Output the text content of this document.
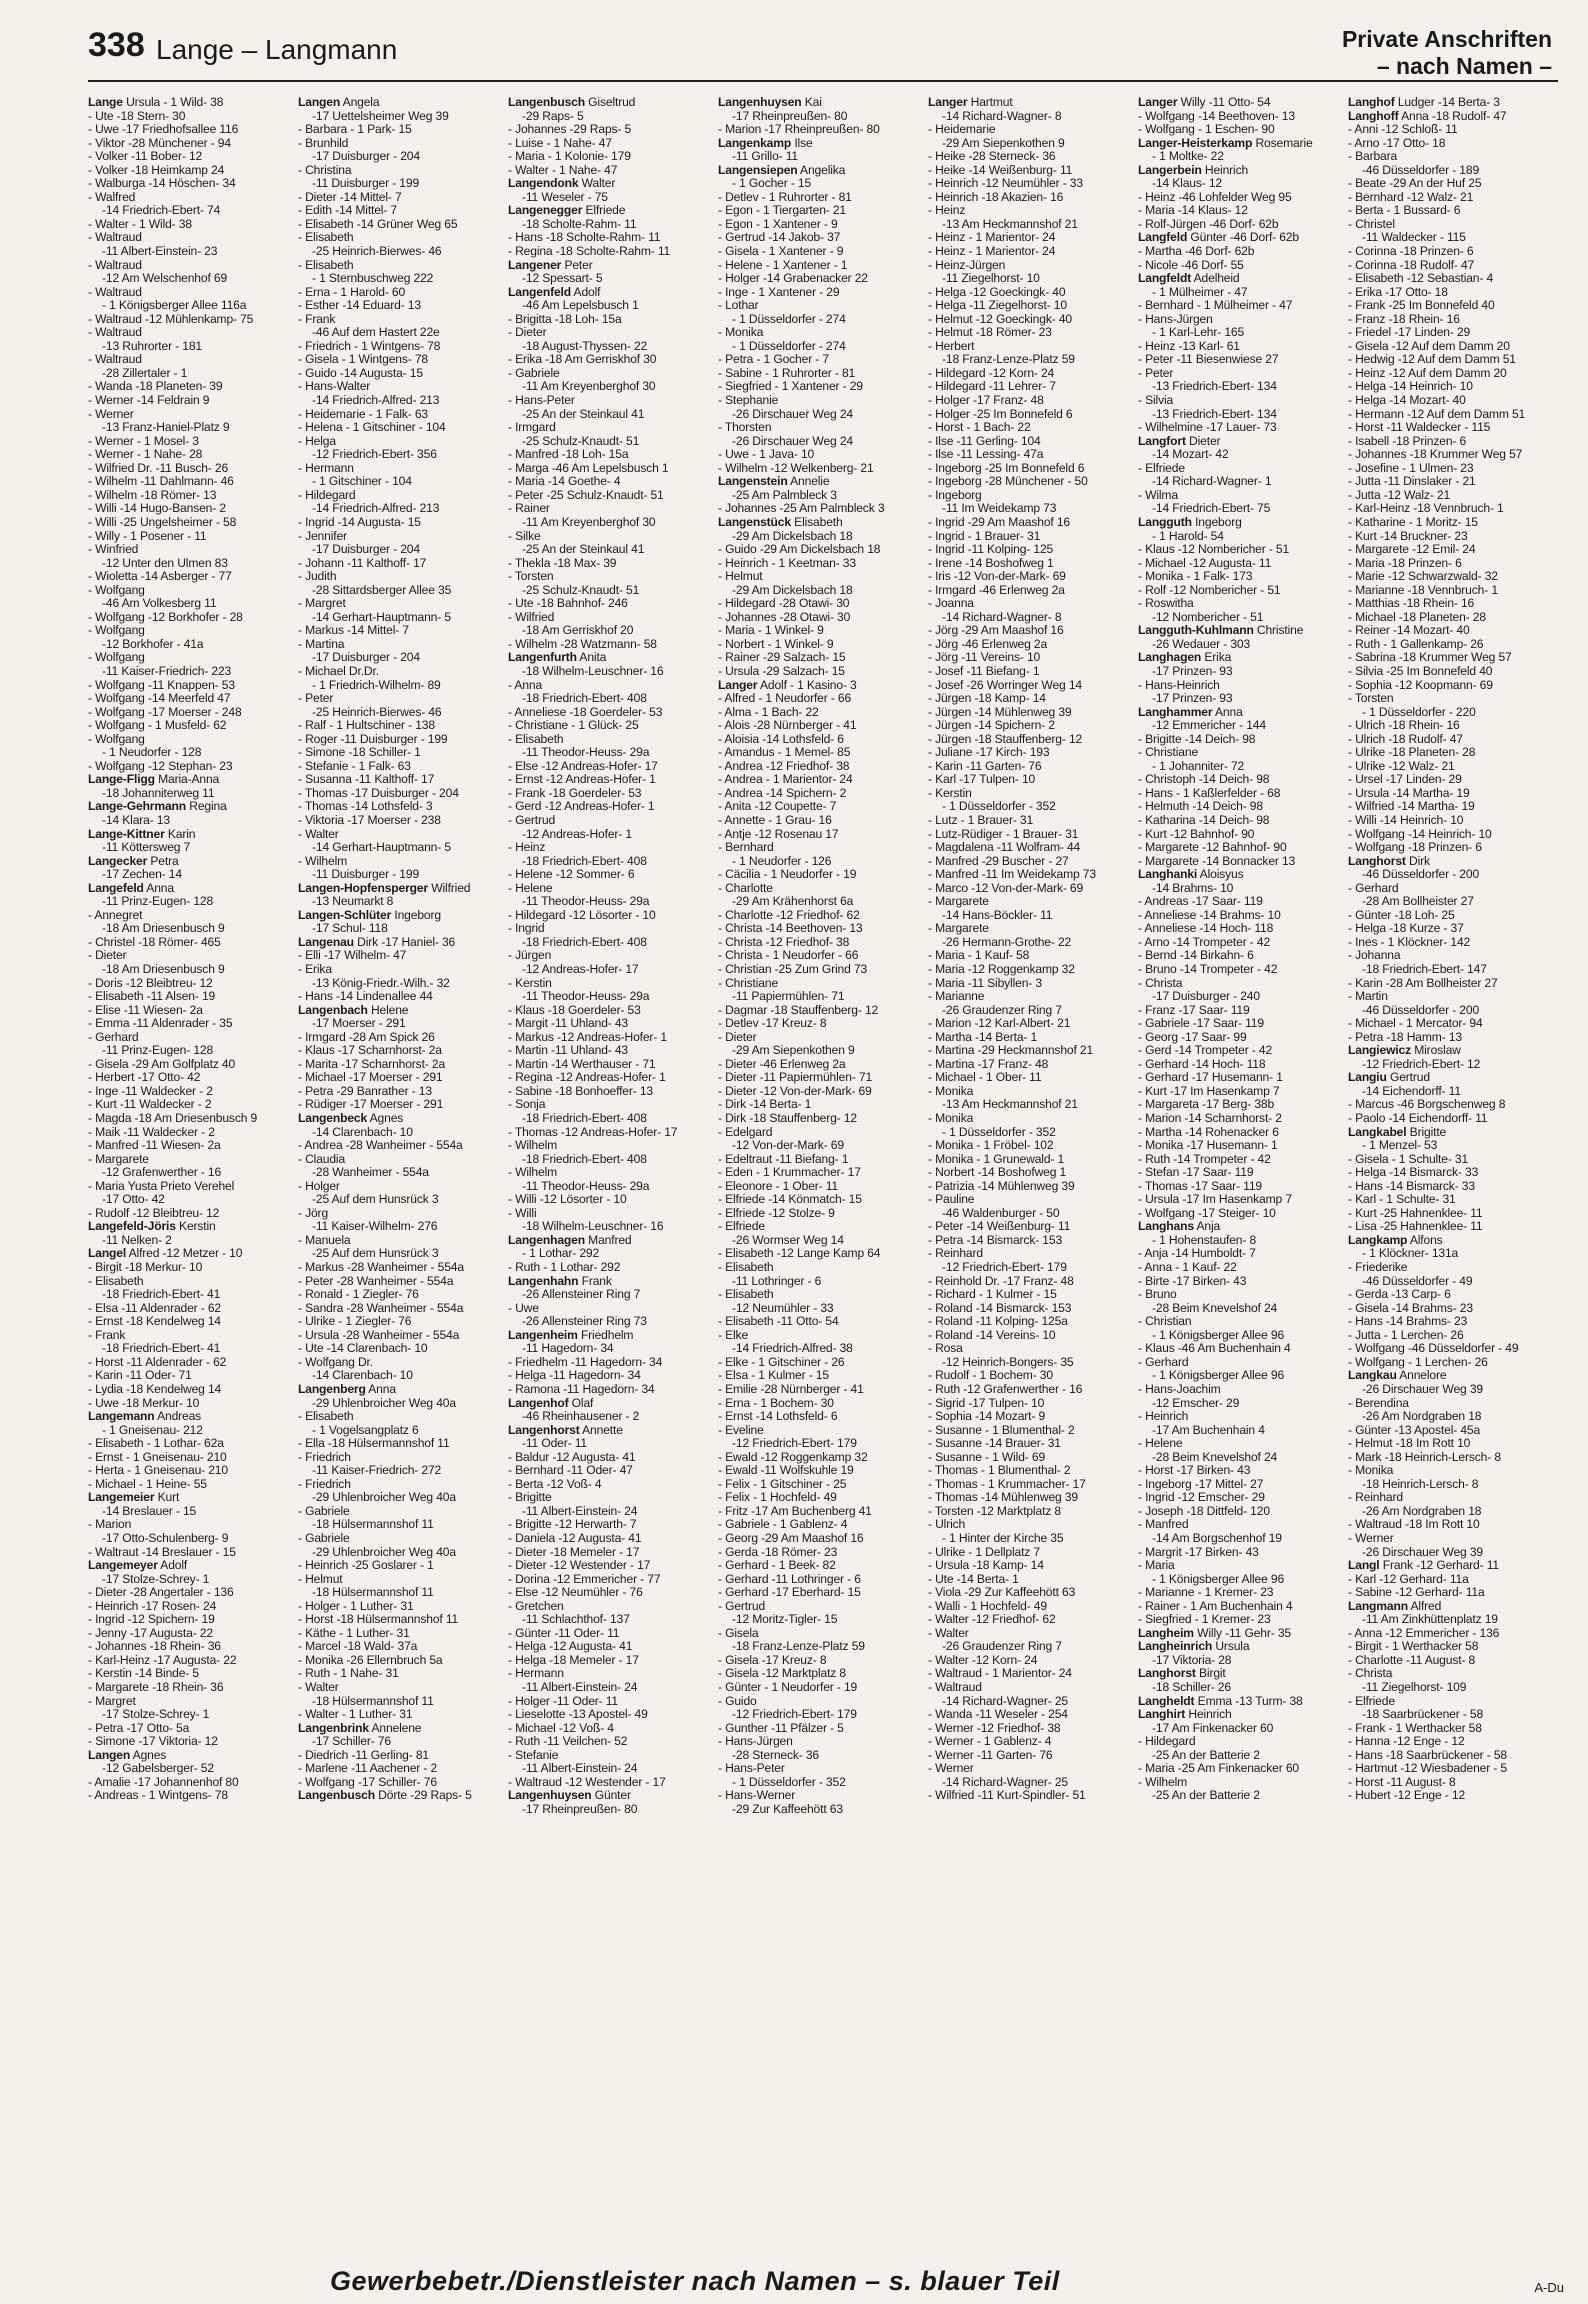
338 Lange – Langmann	Private Anschriften
– nach Namen –
Lange Ursula - 1 Wild- 38
- Ute -18 Stern- 30
- Uwe -17 Friedhofsallee 116
- Viktor -28 Münchener - 94
- Volker -11 Bober- 12
- Volker -18 Heimkamp 24
- Walburga -14 Höschen- 34
- Walfred
-14 Friedrich-Ebert- 74
- Walter - 1 Wild- 38
- Waltraud
-11 Albert-Einstein- 23
- Waltraud
-12 Am Welschenhof 69
- Waltraud
- 1 Königsberger Allee 116a
- Waltraud -12 Mühlenkamp- 75
- Waltraud
-13 Ruhrorter - 181
- Waltraud
-28 Zillertaler - 1
- Wanda -18 Planeten- 39
- Werner -14 Feldrain 9
- Werner
-13 Franz-Haniel-Platz 9
- Werner - 1 Mosel- 3
- Werner - 1 Nahe- 28
- Wilfried Dr. -11 Busch- 26
- Wilhelm -11 Dahlmann- 46
- Wilhelm -18 Römer- 13
- Willi -14 Hugo-Bansen- 2
- Willi -25 Ungelsheimer - 58
- Willy - 1 Posener - 11
- Winfried
-12 Unter den Ulmen 83
- Wioletta -14 Asberger - 77
- Wolfgang
-46 Am Volkesberg 11
- Wolfgang -12 Borkhofer - 28
- Wolfgang
-12 Borkhofer - 41a
- Wolfgang
-11 Kaiser-Friedrich- 223
- Wolfgang -11 Knappen- 53
- Wolfgang -14 Meerfeld 47
- Wolfgang -17 Moerser - 248
- Wolfgang - 1 Musfeld- 62
- Wolfgang
- 1 Neudorfer - 128
- Wolfgang -12 Stephan- 23
Lange-Fligg Maria-Anna
-18 Johanniterweg 11
Lange-Gehrmann Regina
-14 Klara- 13
Lange-Kittner Karin
-11 Köttersweg 7
Langecker Petra
-17 Zechen- 14
Langefeld Anna
-11 Prinz-Eugen- 128
- Annegret
-18 Am Driesenbusch 9
- Christel -18 Römer- 465
- Dieter
-18 Am Driesenbusch 9
- Doris -12 Bleibtreu- 12
- Elisabeth -11 Alsen- 19
- Elise -11 Wiesen- 2a
- Emma -11 Aldenrader - 35
- Gerhard
-11 Prinz-Eugen- 128
- Gisela -29 Am Golfplatz 40
- Herbert -17 Otto- 42
- Inge -11 Waldecker - 2
- Kurt -11 Waldecker - 2
- Magda -18 Am Driesenbusch 9
- Maik -11 Waldecker - 2
- Manfred -11 Wiesen- 2a
- Margarete
-12 Grafenwerther - 16
- Maria Yusta Prieto Verehel
-17 Otto- 42
- Rudolf -12 Bleibtreu- 12
Langefeld-Jöris Kerstin
-11 Nelken- 2
Langel Alfred -12 Metzer - 10
- Birgit -18 Merkur- 10
- Elisabeth
-18 Friedrich-Ebert- 41
- Elsa -11 Aldenrader - 62
- Ernst -18 Kendelweg 14
- Frank
-18 Friedrich-Ebert- 41
- Horst -11 Aldenrader - 62
- Karin -11 Oder- 71
- Lydia -18 Kendelweg 14
- Uwe -18 Merkur- 10
Langemann Andreas
- 1 Gneisenau- 212
- Elisabeth - 1 Lothar- 62a
- Ernst - 1 Gneisenau- 210
- Herta - 1 Gneisenau- 210
- Michael - 1 Heine- 55
Langemeier Kurt
-14 Breslauer - 15
- Marion
-17 Otto-Schulenberg- 9
- Waltraut -14 Breslauer - 15
Langemeyer Adolf
-17 Stolze-Schrey- 1
- Dieter -28 Angertaler - 136
- Heinrich -17 Rosen- 24
- Ingrid -12 Spichern- 19
- Jenny -17 Augusta- 22
- Johannes -18 Rhein- 36
- Karl-Heinz -17 Augusta- 22
- Kerstin -14 Binde- 5
- Margarete -18 Rhein- 36
- Margret
-17 Stolze-Schrey- 1
- Petra -17 Otto- 5a
- Simone -17 Viktoria- 12
Langen Agnes
-12 Gabelsberger- 52
- Amalie -17 Johannenhof 80
- Andreas - 1 Wintgens- 78
Langen Angela
-17 Uettelsheimer Weg 39
- Barbara - 1 Park- 15
- Brunhild
-17 Duisburger - 204
- Christina
-11 Duisburger - 199
- Dieter -14 Mittel- 7
- Edith -14 Mittel- 7
- Elisabeth -14 Grüner Weg 65
- Elisabeth
-25 Heinrich-Bierwes- 46
- Elisabeth
- 1 Sternbuschweg 222
- Erna - 1 Harold- 60
- Esther -14 Eduard- 13
- Frank
-46 Auf dem Hastert 22e
- Friedrich - 1 Wintgens- 78
- Gisela - 1 Wintgens- 78
- Guido -14 Augusta- 15
- Hans-Walter
-14 Friedrich-Alfred- 213
- Heidemarie - 1 Falk- 63
- Helena - 1 Gitschiner - 104
- Helga
-12 Friedrich-Ebert- 356
- Hermann
- 1 Gitschiner - 104
- Hildegard
-14 Friedrich-Alfred- 213
- Ingrid -14 Augusta- 15
- Jennifer
-17 Duisburger - 204
- Johann -11 Kalthoff- 17
- Judith
-28 Sittardsberger Allee 35
- Margret
-14 Gerhart-Hauptmann- 5
- Markus -14 Mittel- 7
- Martina
-17 Duisburger - 204
- Michael Dr.Dr.
- 1 Friedrich-Wilhelm- 89
- Peter
-25 Heinrich-Bierwes- 46
- Ralf - 1 Hultschiner - 138
- Roger -11 Duisburger - 199
- Simone -18 Schiller- 1
- Stefanie - 1 Falk- 63
- Susanna -11 Kalthoff- 17
- Thomas -17 Duisburger - 204
- Thomas -14 Lothsfeld- 3
- Viktoria -17 Moerser - 238
- Walter
-14 Gerhart-Hauptmann- 5
- Wilhelm
-11 Duisburger - 199
Langen-Hopfensperger Wilfried
-13 Neumarkt 8
Langen-Schlüter Ingeborg
-17 Schul- 118
Langenau Dirk -17 Haniel- 36
- Elli -17 Wilhelm- 47
- Erika
-13 König-Friedr.-Wilh.- 32
- Hans -14 Lindenallee 44
Langenbach Helene
-17 Moerser - 291
- Irmgard -28 Am Spick 26
- Klaus -17 Scharnhorst- 2a
- Marita -17 Scharnhorst- 2a
- Michael -17 Moerser - 291
- Petra -29 Banrather - 13
- Rüdiger -17 Moerser - 291
Langenbeck Agnes
-14 Clarenbach- 10
- Andrea -28 Wanheimer - 554a
- Claudia
-28 Wanheimer - 554a
- Holger
-25 Auf dem Hunsrück 3
- Jörg
-11 Kaiser-Wilhelm- 276
- Manuela
-25 Auf dem Hunsrück 3
- Markus -28 Wanheimer - 554a
- Peter -28 Wanheimer - 554a
- Ronald - 1 Ziegler- 76
- Sandra -28 Wanheimer - 554a
- Ulrike - 1 Ziegler- 76
- Ursula -28 Wanheimer - 554a
- Ute -14 Clarenbach- 10
- Wolfgang Dr.
-14 Clarenbach- 10
Langenberg Anna
-29 Uhlenbroicher Weg 40a
- Elisabeth
- 1 Vogelsangplatz 6
- Ella -18 Hülsermannshof 11
- Friedrich
-11 Kaiser-Friedrich- 272
- Friedrich
-29 Uhlenbroicher Weg 40a
- Gabriele
-18 Hülsermannshof 11
- Gabriele
-29 Uhlenbroicher Weg 40a
- Heinrich -25 Goslarer - 1
- Helmut
-18 Hülsermannshof 11
- Holger - 1 Luther- 31
- Horst -18 Hülsermannshof 11
- Käthe - 1 Luther- 31
- Marcel -18 Wald- 37a
- Monika -26 Ellernbruch 5a
- Ruth - 1 Nahe- 31
- Walter
-18 Hülsermannshof 11
- Walter - 1 Luther- 31
Langenbrink Annelene
-17 Schiller- 76
- Diedrich -11 Gerling- 81
- Marlene -11 Aachener - 2
- Wolfgang -17 Schiller- 76
Langenbusch Dörte -29 Raps- 5
Langenbusch Giseltrud
-29 Raps- 5
- Johannes -29 Raps- 5
- Luise - 1 Nahe- 47
- Maria - 1 Kolonie- 179
- Walter - 1 Nahe- 47
Langendonk Walter
-11 Weseler - 75
Langenegger Elfriede
-18 Scholte-Rahm- 11
- Hans -18 Scholte-Rahm- 11
- Regina -18 Scholte-Rahm- 11
Langener Peter
-12 Spessart- 5
Langenfeld Adolf
-46 Am Lepelsbusch 1
- Brigitta -18 Loh- 15a
- Dieter
-18 August-Thyssen- 22
- Erika -18 Am Gerriskhof 30
- Gabriele
-11 Am Kreyenberghof 30
- Hans-Peter
-25 An der Steinkaul 41
- Irmgard
-25 Schulz-Knaudt- 51
- Manfred -18 Loh- 15a
- Marga -46 Am Lepelsbusch 1
- Maria -14 Goethe- 4
- Peter -25 Schulz-Knaudt- 51
- Rainer
-11 Am Kreyenberghof 30
- Silke
-25 An der Steinkaul 41
- Thekla -18 Max- 39
- Torsten
-25 Schulz-Knaudt- 51
- Ute -18 Bahnhof- 246
- Wilfried
-18 Am Gerriskhof 20
- Wilhelm -28 Watzmann- 58
Langenfurth Anita
-18 Wilhelm-Leuschner- 16
- Anna
-18 Friedrich-Ebert- 408
- Anneliese -18 Goerdeler- 53
- Christiane - 1 Glück- 25
- Elisabeth
-11 Theodor-Heuss- 29a
- Else -12 Andreas-Hofer- 17
- Ernst -12 Andreas-Hofer- 1
- Frank -18 Goerdeler- 53
- Gerd -12 Andreas-Hofer- 1
- Gertrud
-12 Andreas-Hofer- 1
- Heinz
-18 Friedrich-Ebert- 408
- Helene -12 Sommer- 6
- Helene
-11 Theodor-Heuss- 29a
- Hildegard -12 Lösorter - 10
- Ingrid
-18 Friedrich-Ebert- 408
- Jürgen
-12 Andreas-Hofer- 17
- Kerstin
-11 Theodor-Heuss- 29a
- Klaus -18 Goerdeler- 53
- Margit -11 Uhland- 43
- Markus -12 Andreas-Hofer- 1
- Martin -11 Uhland- 43
- Martin -14 Werthauser - 71
- Regina -12 Andreas-Hofer- 1
- Sabine -18 Bonhoeffer- 13
- Sonja
-18 Friedrich-Ebert- 408
- Thomas -12 Andreas-Hofer- 17
- Wilhelm
-18 Friedrich-Ebert- 408
- Wilhelm
-11 Theodor-Heuss- 29a
- Willi -12 Lösorter - 10
- Willi
-18 Wilhelm-Leuschner- 16
Langenhagen Manfred
- 1 Lothar- 292
- Ruth - 1 Lothar- 292
Langenhahn Frank
-26 Allensteiner Ring 7
- Uwe
-26 Allensteiner Ring 73
Langenheim Friedhelm
-11 Hagedorn- 34
- Friedhelm -11 Hagedorn- 34
- Helga -11 Hagedorn- 34
- Ramona -11 Hagedorn- 34
Langenhof Olaf
-46 Rheinhausener - 2
Langenhorst Annette
-11 Oder- 11
- Baldur -12 Augusta- 41
- Bernhard -11 Oder- 47
- Berta -12 Voß- 4
- Brigitte
-11 Albert-Einstein- 24
- Brigitte -12 Herwarth- 7
- Daniela -12 Augusta- 41
- Dieter -18 Memeler - 17
- Dieter -12 Westender - 17
- Dorina -12 Emmericher - 77
- Else -12 Neumühler - 76
- Gretchen
-11 Schlachthof- 137
- Günter -11 Oder- 11
- Helga -12 Augusta- 41
- Helga -18 Memeler - 17
- Hermann
-11 Albert-Einstein- 24
- Holger -11 Oder- 11
- Lieselotte -13 Apostel- 49
- Michael -12 Voß- 4
- Ruth -11 Veilchen- 52
- Stefanie
-11 Albert-Einstein- 24
- Waltraud -12 Westender - 17
Langenhuysen Günter
-17 Rheinpreußen- 80
Langenhuysen Kai
-17 Rheinpreußen- 80
- Marion -17 Rheinpreußen- 80
Langenkamp Ilse
-11 Grillo- 11
Langensiepen Angelika
- 1 Gocher - 15
- Detlev - 1 Ruhrorter - 81
- Egon - 1 Tiergarten- 21
- Egon - 1 Xantener - 9
- Gertrud -14 Jakob- 37
- Gisela - 1 Xantener - 9
- Helene - 1 Xantener - 1
- Holger -14 Grabenacker 22
- Inge - 1 Xantener - 29
- Lothar
- 1 Düsseldorfer - 274
- Monika
- 1 Düsseldorfer - 274
- Petra - 1 Gocher - 7
- Sabine - 1 Ruhrorter - 81
- Siegfried - 1 Xantener - 29
- Stephanie
-26 Dirschauer Weg 24
- Thorsten
-26 Dirschauer Weg 24
- Uwe - 1 Java- 10
- Wilhelm -12 Welkenberg- 21
Langenstein Annelie
-25 Am Palmbleck 3
- Johannes -25 Am Palmbleck 3
Langenstück Elisabeth
-29 Am Dickelsbach 18
- Guido -29 Am Dickelsbach 18
- Heinrich - 1 Keetman- 33
- Helmut
-29 Am Dickelsbach 18
- Hildegard -28 Otawi- 30
- Johannes -28 Otawi- 30
- Maria - 1 Winkel- 9
- Norbert - 1 Winkel- 9
- Rainer -29 Salzach- 15
- Ursula -29 Salzach- 15
Langer Adolf - 1 Kasino- 3
- Alfred - 1 Neudorfer - 66
- Alma - 1 Bach- 22
- Alois -28 Nürnberger - 41
- Aloisia -14 Lothsfeld- 6
- Amandus - 1 Memel- 85
- Andrea -12 Friedhof- 38
- Andrea - 1 Marientor- 24
- Andrea -14 Spichern- 2
- Anita -12 Coupette- 7
- Annette - 1 Grau- 16
- Antje -12 Rosenau 17
- Bernhard
- 1 Neudorfer - 126
- Cäcilia - 1 Neudorfer - 19
- Charlotte
-29 Am Krähenhorst 6a
- Charlotte -12 Friedhof- 62
- Christa -14 Beethoven- 13
- Christa -12 Friedhof- 38
- Christa - 1 Neudorfer - 66
- Christian -25 Zum Grind 73
- Christiane
-11 Papiermühlen- 71
- Dagmar -18 Stauffenberg- 12
- Detlev -17 Kreuz- 8
- Dieter
-29 Am Siepenkothen 9
- Dieter -46 Erlenweg 2a
- Dieter -11 Papiermühlen- 71
- Dieter -12 Von-der-Mark- 69
- Dirk -14 Berta- 1
- Dirk -18 Stauffenberg- 12
- Edelgard
-12 Von-der-Mark- 69
- Edeltraut -11 Biefang- 1
- Eden - 1 Krummacher- 17
- Eleonore - 1 Ober- 11
- Elfriede -14 Könmatch- 15
- Elfriede -12 Stolze- 9
- Elfriede
-26 Wormser Weg 14
- Elisabeth -12 Lange Kamp 64
- Elisabeth
-11 Lothringer - 6
- Elisabeth
-12 Neumühler - 33
- Elisabeth -11 Otto- 54
- Elke
-14 Friedrich-Alfred- 38
- Elke - 1 Gitschiner - 26
- Elsa - 1 Kulmer - 15
- Emilie -28 Nürnberger - 41
- Erna - 1 Bochem- 30
- Ernst -14 Lothsfeld- 6
- Eveline
-12 Friedrich-Ebert- 179
- Ewald -12 Roggenkamp 32
- Ewald -11 Wolfskuhle 19
- Felix - 1 Gitschiner - 25
- Felix - 1 Hochfeld- 49
- Fritz -17 Am Buchenberg 41
- Gabriele - 1 Gablenz- 4
- Georg -29 Am Maashof 16
- Gerda -18 Römer- 23
- Gerhard - 1 Beek- 82
- Gerhard -11 Lothringer - 6
- Gerhard -17 Eberhard- 15
- Gertrud
-12 Moritz-Tigler- 15
- Gisela
-18 Franz-Lenze-Platz 59
- Gisela -17 Kreuz- 8
- Gisela -12 Marktplatz 8
- Günter - 1 Neudorfer - 19
- Guido
-12 Friedrich-Ebert- 179
- Gunther -11 Pfälzer - 5
- Hans-Jürgen
-28 Sterneck- 36
- Hans-Peter
- 1 Düsseldorfer - 352
- Hans-Werner
-29 Zur Kaffeehött 63
Langer Hartmut
-14 Richard-Wagner- 8
- Heidemarie
-29 Am Siepenkothen 9
- Heike -28 Sterneck- 36
- Heike -14 Weißenburg- 11
- Heinrich -12 Neumühler - 33
- Heinrich -18 Akazien- 16
- Heinz
-13 Am Heckmannshof 21
- Heinz - 1 Marientor- 24
- Heinz - 1 Marientor- 24
- Heinz-Jürgen
-11 Ziegelhorst- 10
- Helga -12 Goeckingk- 40
- Helga -11 Ziegelhorst- 10
- Helmut -12 Goeckingk- 40
- Helmut -18 Römer- 23
- Herbert
-18 Franz-Lenze-Platz 59
- Hildegard -12 Korn- 24
- Hildegard -11 Lehrer- 7
- Holger -17 Franz- 48
- Holger -25 Im Bonnefeld 6
- Horst - 1 Bach- 22
- Ilse -11 Gerling- 104
- Ilse -11 Lessing- 47a
- Ingeborg -25 Im Bonnefeld 6
- Ingeborg -28 Münchener - 50
- Ingeborg
-11 Im Weidekamp 73
- Ingrid -29 Am Maashof 16
- Ingrid - 1 Brauer- 31
- Ingrid -11 Kolping- 125
- Irene -14 Boshofweg 1
- Iris -12 Von-der-Mark- 69
- Irmgard -46 Erlenweg 2a
- Joanna
-14 Richard-Wagner- 8
- Jörg -29 Am Maashof 16
- Jörg -46 Erlenweg 2a
- Jörg -11 Vereins- 10
- Josef -11 Biefang- 1
- Josef -26 Worringer Weg 14
- Jürgen -18 Kamp- 14
- Jürgen -14 Mühlenweg 39
- Jürgen -14 Spichern- 2
- Jürgen -18 Stauffenberg- 12
- Juliane -17 Kirch- 193
- Karin -11 Garten- 76
- Karl -17 Tulpen- 10
- Kerstin
- 1 Düsseldorfer - 352
- Lutz - 1 Brauer- 31
- Lutz-Rüdiger - 1 Brauer- 31
- Magdalena -11 Wolfram- 44
- Manfred -29 Buscher - 27
- Manfred -11 Im Weidekamp 73
- Marco -12 Von-der-Mark- 69
- Margarete
-14 Hans-Böckler- 11
- Margarete
-26 Hermann-Grothe- 22
- Maria - 1 Kauf- 58
- Maria -12 Roggenkamp 32
- Maria -11 Sibyllen- 3
- Marianne
-26 Graudenzer Ring 7
- Marion -12 Karl-Albert- 21
- Martha -14 Berta- 1
- Martina -29 Heckmannshof 21
- Martina -17 Franz- 48
- Michael - 1 Ober- 11
- Monika
-13 Am Heckmannshof 21
- Monika
- 1 Düsseldorfer - 352
- Monika - 1 Fröbel- 102
- Monika - 1 Grunewald- 1
- Norbert -14 Boshofweg 1
- Patrizia -14 Mühlenweg 39
- Pauline
-46 Waldenburger - 50
- Peter -14 Weißenburg- 11
- Petra -14 Bismarck- 153
- Reinhard
-12 Friedrich-Ebert- 179
- Reinhold Dr. -17 Franz- 48
- Richard - 1 Kulmer - 15
- Roland -14 Bismarck- 153
- Roland -11 Kolping- 125a
- Roland -14 Vereins- 10
- Rosa
-12 Heinrich-Bongers- 35
- Rudolf - 1 Bochem- 30
- Ruth -12 Grafenwerther - 16
- Sigrid -17 Tulpen- 10
- Sophia -14 Mozart- 9
- Susanne - 1 Blumenthal- 2
- Susanne -14 Brauer- 31
- Susanne - 1 Wild- 69
- Thomas - 1 Blumenthal- 2
- Thomas - 1 Krummacher- 17
- Thomas -14 Mühlenweg 39
- Torsten -12 Marktplatz 8
- Ulrich
- 1 Hinter der Kirche 35
- Ulrike - 1 Dellplatz 7
- Ursula -18 Kamp- 14
- Ute -14 Berta- 1
- Viola -29 Zur Kaffeehött 63
- Walli - 1 Hochfeld- 49
- Walter -12 Friedhof- 62
- Walter
-26 Graudenzer Ring 7
- Walter -12 Korn- 24
- Waltraud - 1 Marientor- 24
- Waltraud
-14 Richard-Wagner- 25
- Wanda -11 Weseler - 254
- Werner -12 Friedhof- 38
- Werner - 1 Gablenz- 4
- Werner -11 Garten- 76
- Werner
-14 Richard-Wagner- 25
- Wilfried -11 Kurt-Spindler- 51
Langer Willy -11 Otto- 54
- Wolfgang -14 Beethoven- 13
- Wolfgang - 1 Eschen- 90
Langer-Heisterkamp Rosemarie
- 1 Moltke- 22
Langerbein Heinrich
-14 Klaus- 12
- Heinz -46 Lohfelder Weg 95
- Maria -14 Klaus- 12
- Rolf-Jürgen -46 Dorf- 62b
Langfeld Günter -46 Dorf- 62b
- Martha -46 Dorf- 62b
- Nicole -46 Dorf- 55
Langfeldt Adelheid
- 1 Mülheimer - 47
- Bernhard - 1 Mülheimer - 47
- Hans-Jürgen
- 1 Karl-Lehr- 165
- Heinz -13 Karl- 61
- Peter -11 Biesenwiese 27
- Peter
-13 Friedrich-Ebert- 134
- Silvia
-13 Friedrich-Ebert- 134
- Wilhelmine -17 Lauer- 73
Langfort Dieter
-14 Mozart- 42
- Elfriede
-14 Richard-Wagner- 1
- Wilma
-14 Friedrich-Ebert- 75
Langguth Ingeborg
- 1 Harold- 54
- Klaus -12 Nombericher - 51
- Michael -12 Augusta- 11
- Monika - 1 Falk- 173
- Rolf -12 Nombericher - 51
- Roswitha
-12 Nombericher - 51
Langguth-Kuhlmann Christine
-26 Wedauer - 303
Langhagen Erika
-17 Prinzen- 93
- Hans-Heinrich
-17 Prinzen- 93
Langhammer Anna
-12 Emmericher - 144
- Brigitte -14 Deich- 98
- Christiane
- 1 Johanniter- 72
- Christoph -14 Deich- 98
- Hans - 1 Kaßlerfelder - 68
- Helmuth -14 Deich- 98
- Katharina -14 Deich- 98
- Kurt -12 Bahnhof- 90
- Margarete -12 Bahnhof- 90
- Margarete -14 Bonnacker 13
Langhanki Aloisyus
-14 Brahms- 10
- Andreas -17 Saar- 119
- Anneliese -14 Brahms- 10
- Anneliese -14 Hoch- 118
- Arno -14 Trompeter - 42
- Bernd -14 Birkahn- 6
- Bruno -14 Trompeter - 42
- Christa
-17 Duisburger - 240
- Franz -17 Saar- 119
- Gabriele -17 Saar- 119
- Georg -17 Saar- 99
- Gerd -14 Trompeter - 42
- Gerhard -14 Hoch- 118
- Gerhard -17 Husemann- 1
- Kurt -17 Im Hasenkamp 7
- Margareta -17 Berg- 38b
- Marion -14 Scharnhorst- 2
- Martha -14 Rohenacker 6
- Monika -17 Husemann- 1
- Ruth -14 Trompeter - 42
- Stefan -17 Saar- 119
- Thomas -17 Saar- 119
- Ursula -17 Im Hasenkamp 7
- Wolfgang -17 Steiger- 10
Langhans Anja
- 1 Hohenstaufen- 8
- Anja -14 Humboldt- 7
- Anna - 1 Kauf- 22
- Birte -17 Birken- 43
- Bruno
-28 Beim Knevelshof 24
- Christian
- 1 Königsberger Allee 96
- Klaus -46 Am Buchenhain 4
- Gerhard
- 1 Königsberger Allee 96
- Hans-Joachim
-12 Emscher- 29
- Heinrich
-17 Am Buchenhain 4
- Helene
-28 Beim Knevelshof 24
- Horst -17 Birken- 43
- Ingeborg -17 Mittel- 27
- Ingrid -12 Emscher- 29
- Joseph -18 Dittfeld- 120
- Manfred
-14 Am Borgschenhof 19
- Margrit -17 Birken- 43
- Maria
- 1 Königsberger Allee 96
- Marianne - 1 Kremer- 23
- Rainer - 1 Am Buchenhain 4
- Siegfried - 1 Kremer- 23
Langheim Willy -11 Gehr- 35
Langheinrich Ursula
-17 Viktoria- 28
Langhorst Birgit
-18 Schiller- 26
Langheldt Emma -13 Turm- 38
Langhirt Heinrich
-17 Am Finkenacker 60
- Hildegard
-25 An der Batterie 2
- Maria -25 Am Finkenacker 60
- Wilhelm
-25 An der Batterie 2
Langhof Ludger -14 Berta- 3
Langhoff Anna -18 Rudolf- 47
- Anni -12 Schloß- 11
- Arno -17 Otto- 18
- Barbara
-46 Düsseldorfer - 189
- Beate -29 An der Huf 25
- Bernhard -12 Walz- 21
- Berta - 1 Bussard- 6
- Christel
-11 Waldecker - 115
- Corinna -18 Prinzen- 6
- Corinna -18 Rudolf- 47
- Elisabeth -12 Sebastian- 4
- Erika -17 Otto- 18
- Frank -25 Im Bonnefeld 40
- Franz -18 Rhein- 16
- Friedel -17 Linden- 29
- Gisela -12 Auf dem Damm 20
- Hedwig -12 Auf dem Damm 51
- Heinz -12 Auf dem Damm 20
- Helga -14 Heinrich- 10
- Helga -14 Mozart- 40
- Hermann -12 Auf dem Damm 51
- Horst -11 Waldecker - 115
- Isabell -18 Prinzen- 6
- Johannes -18 Krummer Weg 57
- Josefine - 1 Ulmen- 23
- Jutta -11 Dinslaker - 21
- Jutta -12 Walz- 21
- Karl-Heinz -18 Vennbruch- 1
- Katharine - 1 Moritz- 15
- Kurt -14 Bruckner- 23
- Margarete -12 Emil- 24
- Maria -18 Prinzen- 6
- Marie -12 Schwarzwald- 32
- Marianne -18 Vennbruch- 1
- Matthias -18 Rhein- 16
- Michael -18 Planeten- 28
- Reiner -14 Mozart- 40
- Ruth - 1 Gallenkamp- 26
- Sabrina -18 Krummer Weg 57
- Silvia -25 Im Bonnefeld 40
- Sophia -12 Koopmann- 69
- Torsten
- 1 Düsseldorfer - 220
- Ulrich -18 Rhein- 16
- Ulrich -18 Rudolf- 47
- Ulrike -18 Planeten- 28
- Ulrike -12 Walz- 21
- Ursel -17 Linden- 29
- Ursula -14 Martha- 19
- Wilfried -14 Martha- 19
- Willi -14 Heinrich- 10
- Wolfgang -14 Heinrich- 10
- Wolfgang -18 Prinzen- 6
Langhorst Dirk
-46 Düsseldorfer - 200
- Gerhard
-28 Am Bollheister 27
- Günter -18 Loh- 25
- Helga -18 Kurze - 37
- Ines - 1 Klöckner- 142
- Johanna
-18 Friedrich-Ebert- 147
- Karin -28 Am Bollheister 27
- Martin
-46 Düsseldorfer - 200
- Michael - 1 Mercator- 94
- Petra -18 Hamm- 13
Langiewicz Miroslaw
-12 Friedrich-Ebert- 12
Langiu Gertrud
-14 Eichendorff- 11
- Marcus -46 Borgschenweg 8
- Paolo -14 Eichendorff- 11
Langkabel Brigitte
- 1 Menzel- 53
- Gisela - 1 Schulte- 31
- Helga -14 Bismarck- 33
- Hans -14 Bismarck- 33
- Karl - 1 Schulte- 31
- Kurt -25 Hahnenklee- 11
- Lisa -25 Hahnenklee- 11
Langkamp Alfons
- 1 Klöckner- 131a
- Friederike
-46 Düsseldorfer - 49
- Gerda -13 Carp- 6
- Gisela -14 Brahms- 23
- Hans -14 Brahms- 23
- Jutta - 1 Lerchen- 26
- Wolfgang -46 Düsseldorfer - 49
- Wolfgang - 1 Lerchen- 26
Langkau Annelore
-26 Dirschauer Weg 39
- Berendina
-26 Am Nordgraben 18
- Günter -13 Apostel- 45a
- Helmut -18 Im Rott 10
- Mark -18 Heinrich-Lersch- 8
- Monika
-18 Heinrich-Lersch- 8
- Reinhard
-26 Am Nordgraben 18
- Waltraud -18 Im Rott 10
- Werner
-26 Dirschauer Weg 39
Langl Frank -12 Gerhard- 11
- Karl -12 Gerhard- 11a
- Sabine -12 Gerhard- 11a
Langmann Alfred
-11 Am Zinkhüttenplatz 19
- Anna -12 Emmericher - 136
- Birgit - 1 Werthacker 58
- Charlotte -11 August- 8
- Christa
-11 Ziegelhorst- 109
- Elfriede
-18 Saarbrückener - 58
- Frank - 1 Werthacker 58
- Hanna -12 Enge - 12
- Hans -18 Saarbrückener - 58
- Hartmut -12 Wiesbadener - 5
- Horst -11 August- 8
- Hubert -12 Enge - 12
Gewerbebetr./Dienstleister nach Namen – s. blauer Teil	A-Du
